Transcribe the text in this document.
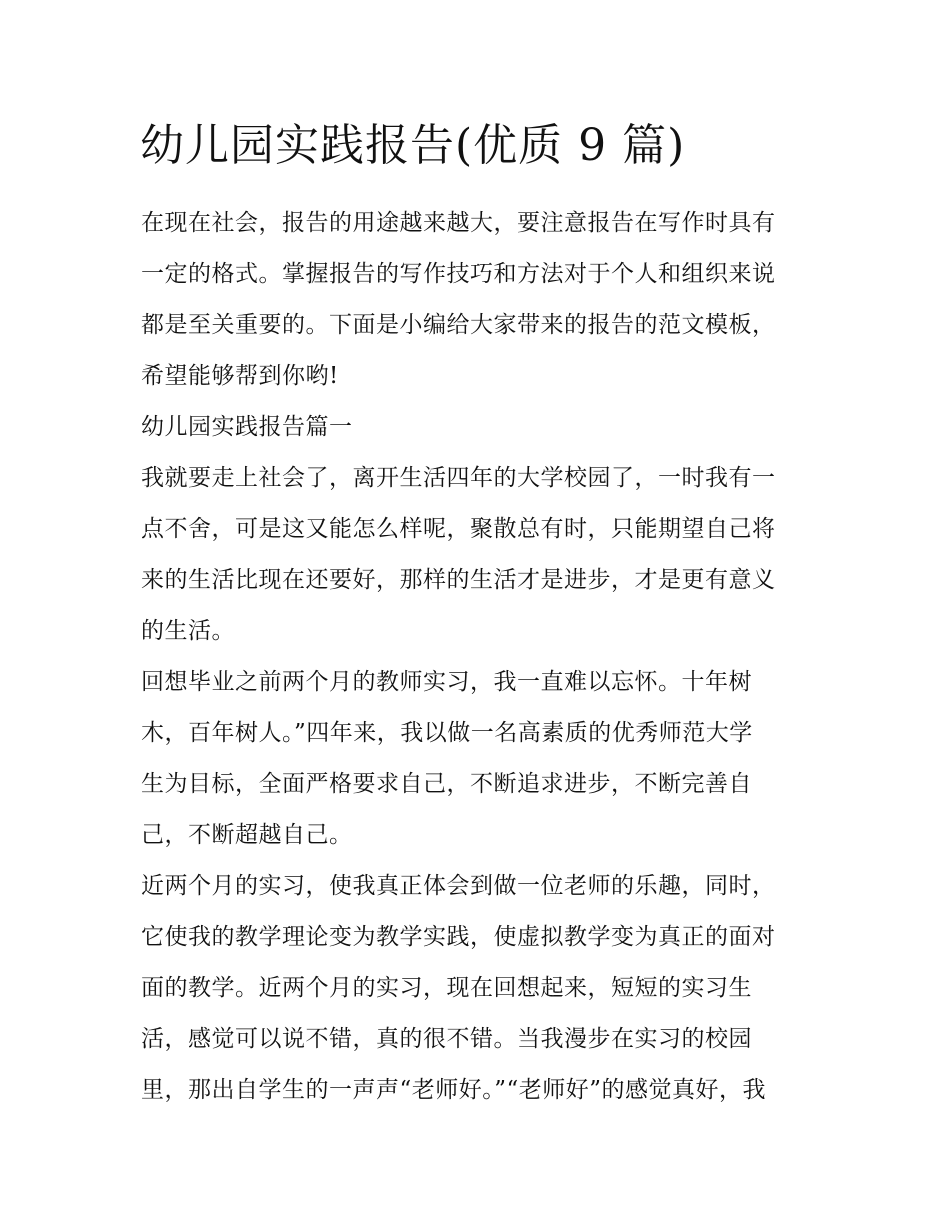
幼儿园实践报告(优质 9 篇)
在现在社会，报告的用途越来越大，要注意报告在写作时具有
一定的格式。掌握报告的写作技巧和方法对于个人和组织来说
都是至关重要的。下面是小编给大家带来的报告的范文模板，
希望能够帮到你哟!
幼儿园实践报告篇一
我就要走上社会了，离开生活四年的大学校园了，一时我有一
点不舍，可是这又能怎么样呢，聚散总有时，只能期望自己将
来的生活比现在还要好，那样的生活才是进步，才是更有意义
的生活。
回想毕业之前两个月的教师实习，我一直难以忘怀。十年树
木，百年树人。”四年来，我以做一名高素质的优秀师范大学
生为目标，全面严格要求自己，不断追求进步，不断完善自
己，不断超越自己。
近两个月的实习，使我真正体会到做一位老师的乐趣，同时，
它使我的教学理论变为教学实践，使虚拟教学变为真正的面对
面的教学。近两个月的实习，现在回想起来，短短的实习生
活，感觉可以说不错，真的很不错。当我漫步在实习的校园
里，那出自学生的一声声“老师好。”“老师好”的感觉真好，我
